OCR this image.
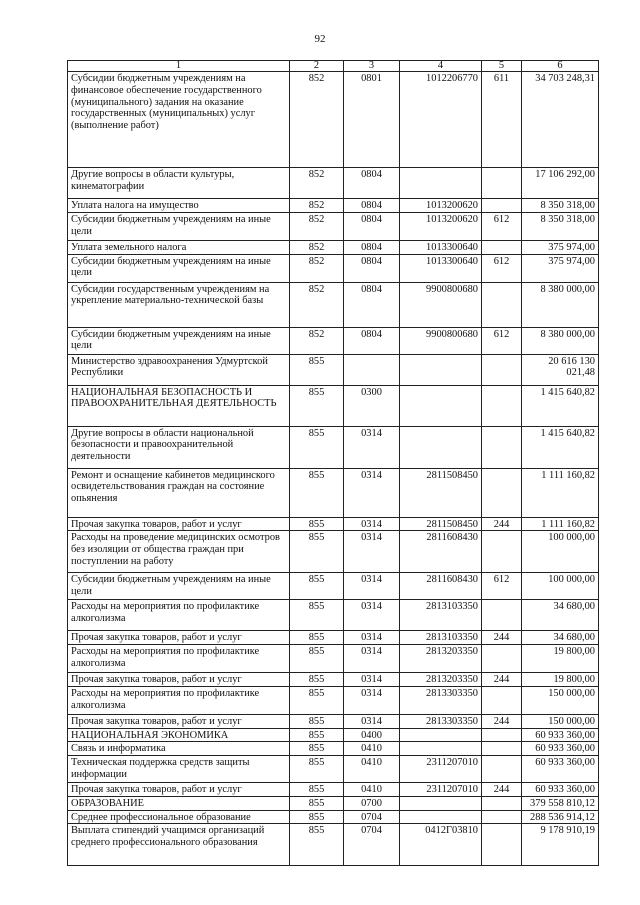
92
1	2	3	4	5	6
Субсидии бюджетным учреждениям на финансовое обеспечение государственного (муниципального) задания на оказание государственных (муниципальных) услуг (выполнение работ)	852	0801	1012206770	611	34 703 248,31
Другие вопросы в области культуры, кинематографии	852	0804			17 106 292,00
Уплата налога на имущество	852	0804	1013200620		8 350 318,00
Субсидии бюджетным учреждениям на иные цели	852	0804	1013200620	612	8 350 318,00
Уплата земельного налога	852	0804	1013300640		375 974,00
Субсидии бюджетным учреждениям на иные цели	852	0804	1013300640	612	375 974,00
Субсидии государственным учреждениям на укрепление материально-технической базы	852	0804	9900800680		8 380 000,00
Субсидии бюджетным учреждениям на иные цели	852	0804	9900800680	612	8 380 000,00
Министерство здравоохранения Удмуртской Республики	855				20 616 130 021,48
НАЦИОНАЛЬНАЯ БЕЗОПАСНОСТЬ И ПРАВООХРАНИТЕЛЬНАЯ ДЕЯТЕЛЬНОСТЬ	855	0300			1 415 640,82
Другие вопросы в области национальной безопасности и правоохранительной деятельности	855	0314			1 415 640,82
Ремонт и оснащение кабинетов медицинского освидетельствования граждан на состояние опьянения	855	0314	2811508450		1 111 160,82
Прочая закупка товаров, работ и услуг	855	0314	2811508450	244	1 111 160,82
Расходы на проведение медицинских осмотров без изоляции от общества граждан при поступлении на работу	855	0314	2811608430		100 000,00
Субсидии бюджетным учреждениям на иные цели	855	0314	2811608430	612	100 000,00
Расходы на мероприятия по профилактике алкоголизма	855	0314	2813103350		34 680,00
Прочая закупка товаров, работ и услуг	855	0314	2813103350	244	34 680,00
Расходы на мероприятия по профилактике алкоголизма	855	0314	2813203350		19 800,00
Прочая закупка товаров, работ и услуг	855	0314	2813203350	244	19 800,00
Расходы на мероприятия по профилактике алкоголизма	855	0314	2813303350		150 000,00
Прочая закупка товаров, работ и услуг	855	0314	2813303350	244	150 000,00
НАЦИОНАЛЬНАЯ ЭКОНОМИКА	855	0400			60 933 360,00
Связь и информатика	855	0410			60 933 360,00
Техническая поддержка средств защиты информации	855	0410	2311207010		60 933 360,00
Прочая закупка товаров, работ и услуг	855	0410	2311207010	244	60 933 360,00
ОБРАЗОВАНИЕ	855	0700			379 558 810,12
Среднее профессиональное образование	855	0704			288 536 914,12
Выплата стипендий учащимся организаций среднего профессионального образования	855	0704	0412Г03810		9 178 910,19
